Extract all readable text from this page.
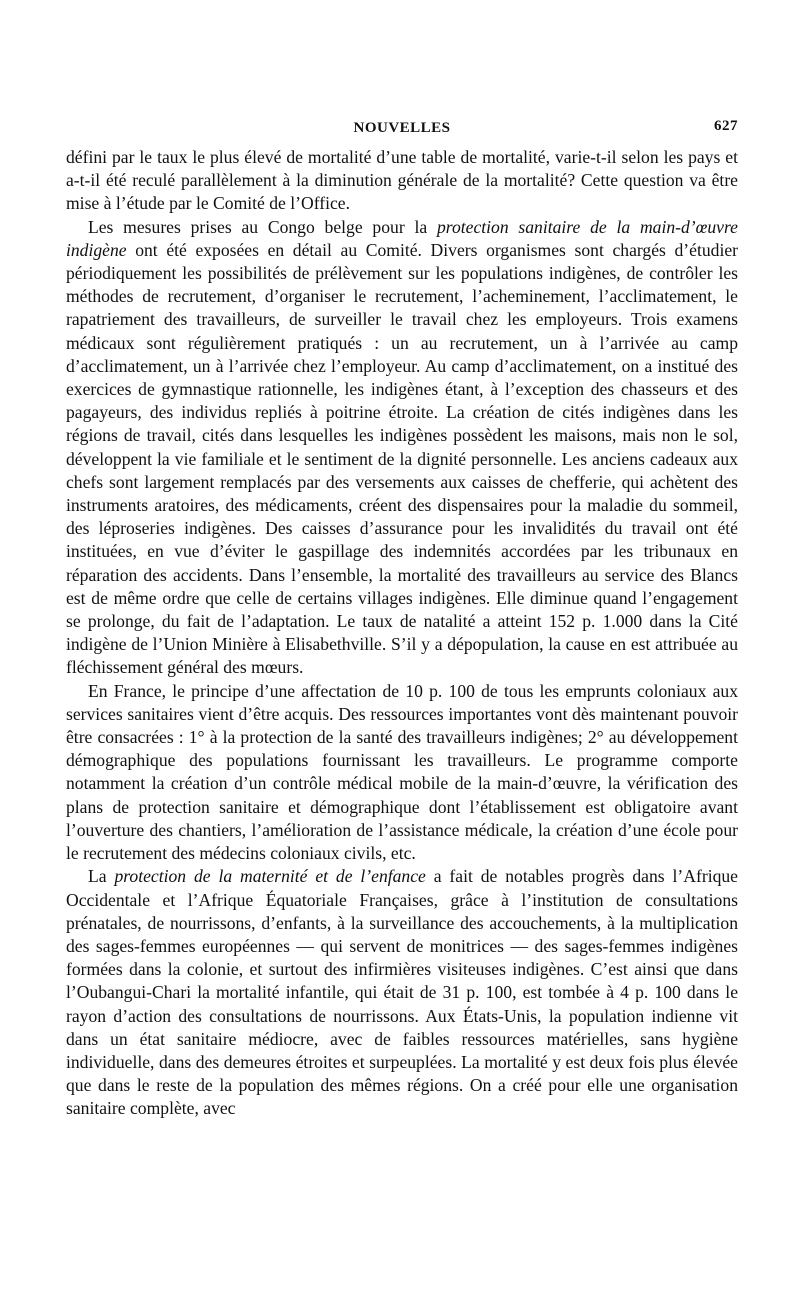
NOUVELLES	627

défini par le taux le plus élevé de mortalité d’une table de mortalité, varie-t-il selon les pays et a-t-il été reculé parallèlement à la diminution générale de la mortalité? Cette question va être mise à l’étude par le Comité de l’Office.

Les mesures prises au Congo belge pour la protection sanitaire de la main-d’œuvre indigène ont été exposées en détail au Comité. Divers organismes sont chargés d’étudier périodiquement les possibilités de prélèvement sur les populations indigènes, de contrôler les méthodes de recrutement, d’organiser le recrutement, l’acheminement, l’acclimatement, le rapatriement des travailleurs, de surveiller le travail chez les employeurs. Trois examens médicaux sont régulièrement pratiqués : un au recrutement, un à l’arrivée au camp d’acclimatement, un à l’arrivée chez l’employeur. Au camp d’acclimatement, on a institué des exercices de gymnastique rationnelle, les indigènes étant, à l’exception des chasseurs et des pagayeurs, des individus repliés à poitrine étroite. La création de cités indigènes dans les régions de travail, cités dans lesquelles les indigènes possèdent les maisons, mais non le sol, développent la vie familiale et le sentiment de la dignité personnelle. Les anciens cadeaux aux chefs sont largement remplacés par des versements aux caisses de chefferie, qui achètent des instruments aratoires, des médicaments, créent des dispensaires pour la maladie du sommeil, des léproseries indigènes. Des caisses d’assurance pour les invalidités du travail ont été instituées, en vue d’éviter le gaspillage des indemnités accordées par les tribunaux en réparation des accidents. Dans l’ensemble, la mortalité des travailleurs au service des Blancs est de même ordre que celle de certains villages indigènes. Elle diminue quand l’engagement se prolonge, du fait de l’adaptation. Le taux de natalité a atteint 152 p. 1.000 dans la Cité indigène de l’Union Minière à Elisabethville. S’il y a dépopulation, la cause en est attribuée au fléchissement général des mœurs.

En France, le principe d’une affectation de 10 p. 100 de tous les emprunts coloniaux aux services sanitaires vient d’être acquis. Des ressources importantes vont dès maintenant pouvoir être consacrées : 1° à la protection de la santé des travailleurs indigènes; 2° au développement démographique des populations fournissant les travailleurs. Le programme comporte notamment la création d’un contrôle médical mobile de la main-d’œuvre, la vérification des plans de protection sanitaire et démographique dont l’établissement est obligatoire avant l’ouverture des chantiers, l’amélioration de l’assistance médicale, la création d’une école pour le recrutement des médecins coloniaux civils, etc.

La protection de la maternité et de l’enfance a fait de notables progrès dans l’Afrique Occidentale et l’Afrique Équatoriale Françaises, grâce à l’institution de consultations prénatales, de nourrissons, d’enfants, à la surveillance des accouchements, à la multiplication des sages-femmes européennes — qui servent de monitrices — des sages-femmes indigènes formées dans la colonie, et surtout des infirmières visiteuses indigènes. C’est ainsi que dans l’Oubangui-Chari la mortalité infantile, qui était de 31 p. 100, est tombée à 4 p. 100 dans le rayon d’action des consultations de nourrissons. Aux États-Unis, la population indienne vit dans un état sanitaire médiocre, avec de faibles ressources matérielles, sans hygiène individuelle, dans des demeures étroites et surpeuplées. La mortalité y est deux fois plus élevée que dans le reste de la population des mêmes régions. On a créé pour elle une organisation sanitaire complète, avec
